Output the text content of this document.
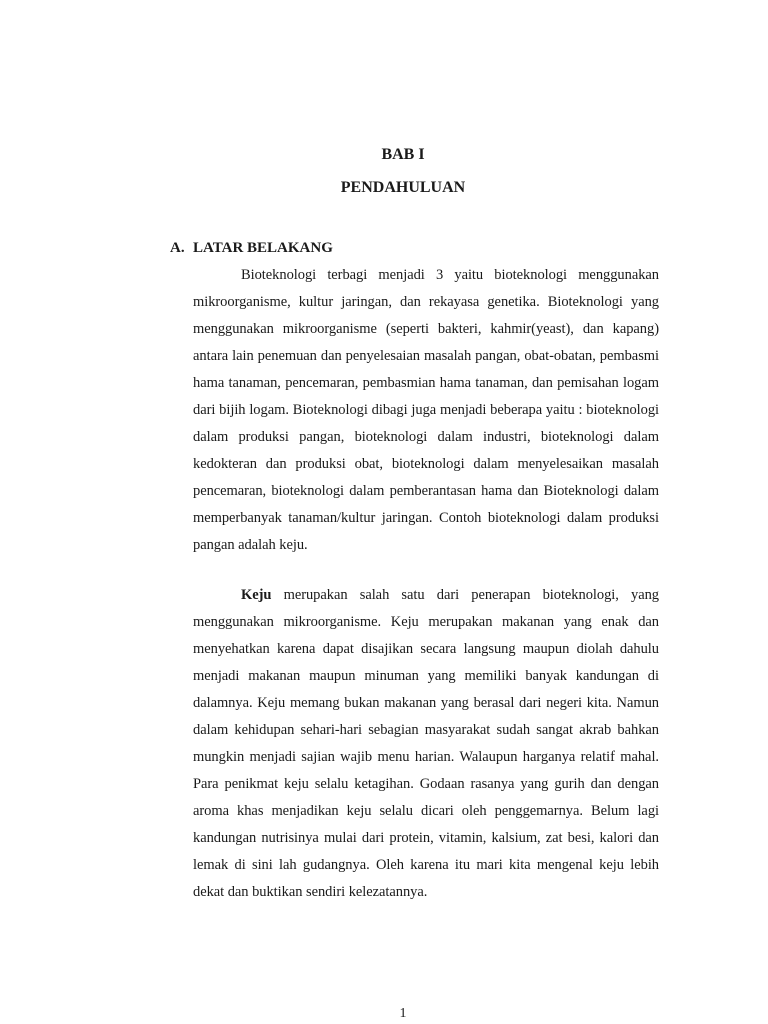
BAB I
PENDAHULUAN
A. LATAR BELAKANG

Bioteknologi terbagi menjadi 3 yaitu bioteknologi menggunakan mikroorganisme, kultur jaringan, dan rekayasa genetika. Bioteknologi yang menggunakan mikroorganisme (seperti bakteri, kahmir(yeast), dan kapang) antara lain penemuan dan penyelesaian masalah pangan, obat-obatan, pembasmi hama tanaman, pencemaran, pembasmian hama tanaman, dan pemisahan logam dari bijih logam. Bioteknologi dibagi juga menjadi beberapa yaitu : bioteknologi dalam produksi pangan, bioteknologi dalam industri, bioteknologi dalam kedokteran dan produksi obat, bioteknologi dalam menyelesaikan masalah pencemaran, bioteknologi dalam pemberantasan hama dan Bioteknologi dalam memperbanyak tanaman/kultur jaringan. Contoh bioteknologi dalam produksi pangan adalah keju.

Keju merupakan salah satu dari penerapan bioteknologi, yang menggunakan mikroorganisme. Keju merupakan makanan yang enak dan menyehatkan karena dapat disajikan secara langsung maupun diolah dahulu menjadi makanan maupun minuman yang memiliki banyak kandungan di dalamnya. Keju memang bukan makanan yang berasal dari negeri kita. Namun dalam kehidupan sehari-hari sebagian masyarakat sudah sangat akrab bahkan mungkin menjadi sajian wajib menu harian. Walaupun harganya relatif mahal. Para penikmat keju selalu ketagihan. Godaan rasanya yang gurih dan dengan aroma khas menjadikan keju selalu dicari oleh penggemarnya. Belum lagi kandungan nutrisinya mulai dari protein, vitamin, kalsium, zat besi, kalori dan lemak di sini lah gudangnya. Oleh karena itu mari kita mengenal keju lebih dekat dan buktikan sendiri kelezatannya.

1
